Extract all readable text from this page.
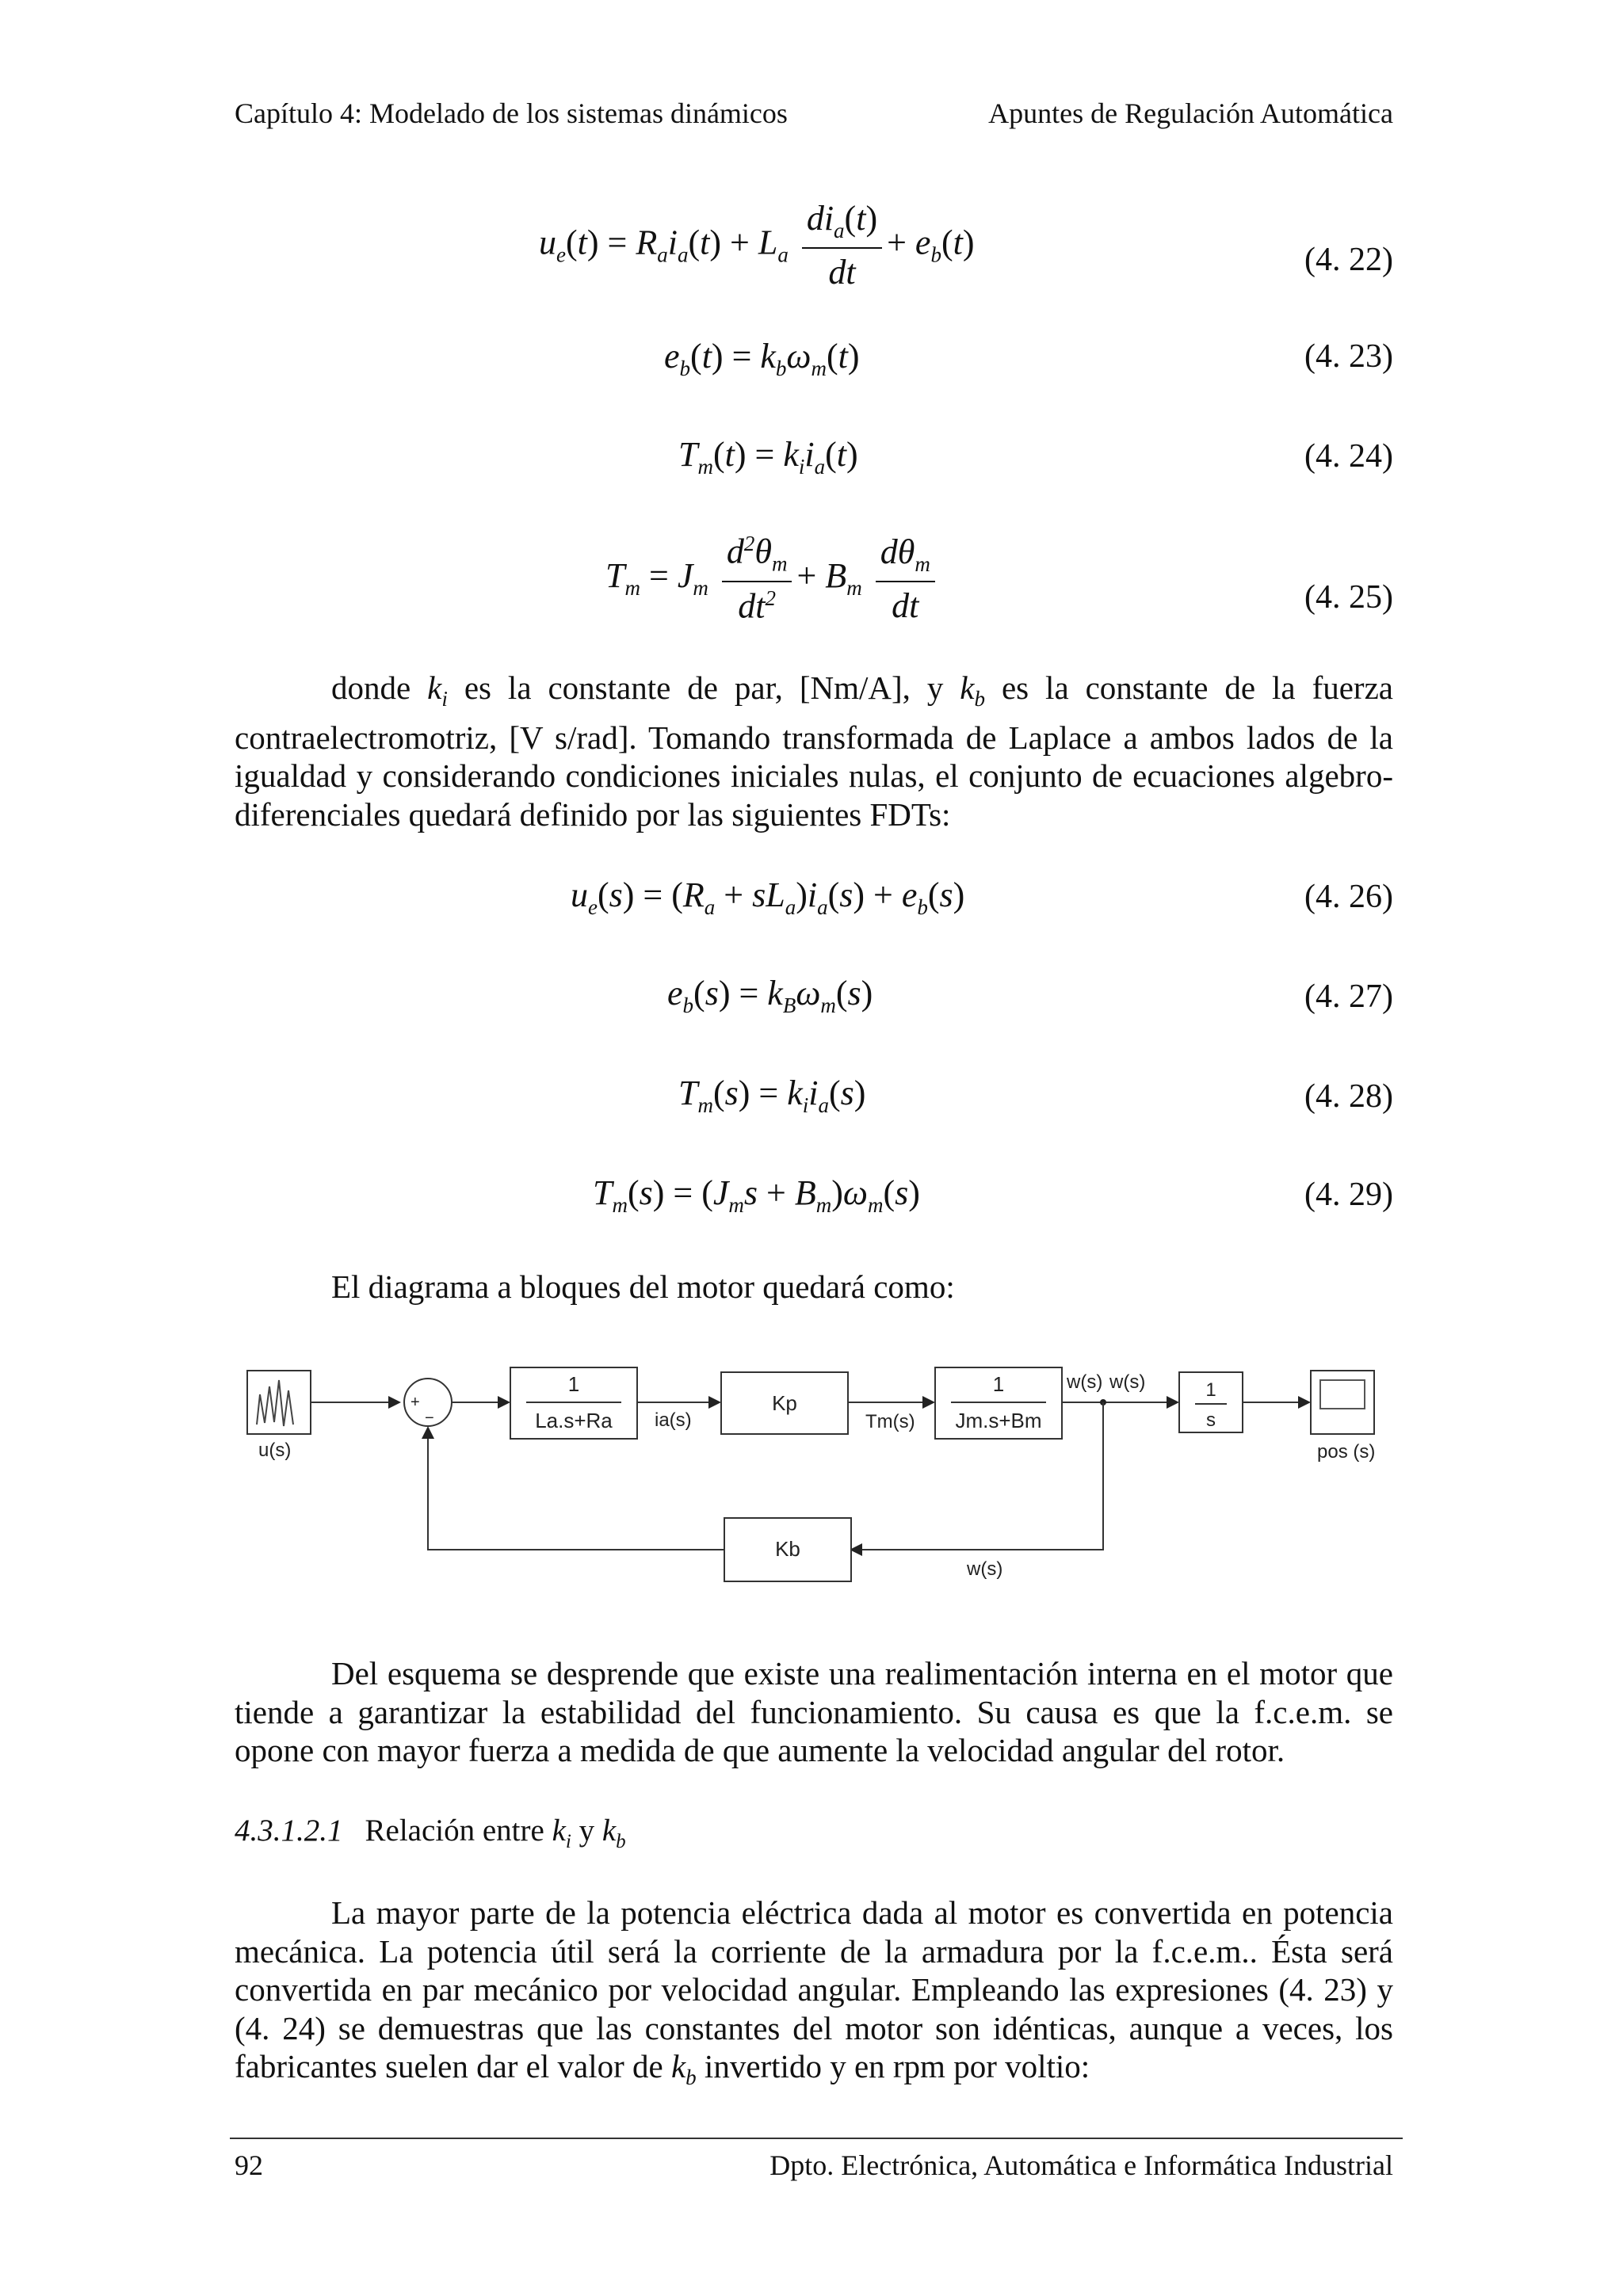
Capítulo 4: Modelado de los sistemas dinámicos	Apuntes de Regulación Automática
$u_e(t) = R_ai_a(t) + L_a \frac{di_a(t)}{dt} + e_b(t)$	(4. 22)
$e_b(t) = k_b\omega_m(t)$	(4. 23)
$T_m(t) = k_ii_a(t)$	(4. 24)
$T_m = J_m \frac{d^2\theta_m}{dt^2} + B_m \frac{d\theta_m}{dt}$	(4. 25)
donde $k_i$ es la constante de par, [Nm/A], y $k_b$ es la constante de la fuerza contraelectromotriz, [V s/rad]. Tomando transformada de Laplace a ambos lados de la igualdad y considerando condiciones iniciales nulas, el conjunto de ecuaciones algebro-diferenciales quedará definido por las siguientes FDTs:
$u_e(s) = (R_a + sL_a)i_a(s) + e_b(s)$	(4. 26)
$e_b(s) = k_B\omega_m(s)$	(4. 27)
$T_m(s) = k_ii_a(s)$	(4. 28)
$T_m(s) = (J_ms + B_m)\omega_m(s)$	(4. 29)
El diagrama a bloques del motor quedará como:
u(s)
+
−
1
La.s+Ra ia(s)
Kp
Tm(s)
1
Jm.s+Bm
w(s) w(s)	1
s
pos (s)
Kb
w(s)
Del esquema se desprende que existe una realimentación interna en el motor que tiende a garantizar la estabilidad del funcionamiento. Su causa es que la f.c.e.m. se opone con mayor fuerza a medida de que aumente la velocidad angular del rotor.
4.3.1.2.1 Relación entre $k_i$ y $k_b$
La mayor parte de la potencia eléctrica dada al motor es convertida en potencia mecánica. La potencia útil será la corriente de la armadura por la f.c.e.m.. Ésta será convertida en par mecánico por velocidad angular. Empleando las expresiones (4. 23) y (4. 24) se demuestras que las constantes del motor son idénticas, aunque a veces, los fabricantes suelen dar el valor de $k_b$ invertido y en rpm por voltio:
92	Dpto. Electrónica, Automática e Informática Industrial
